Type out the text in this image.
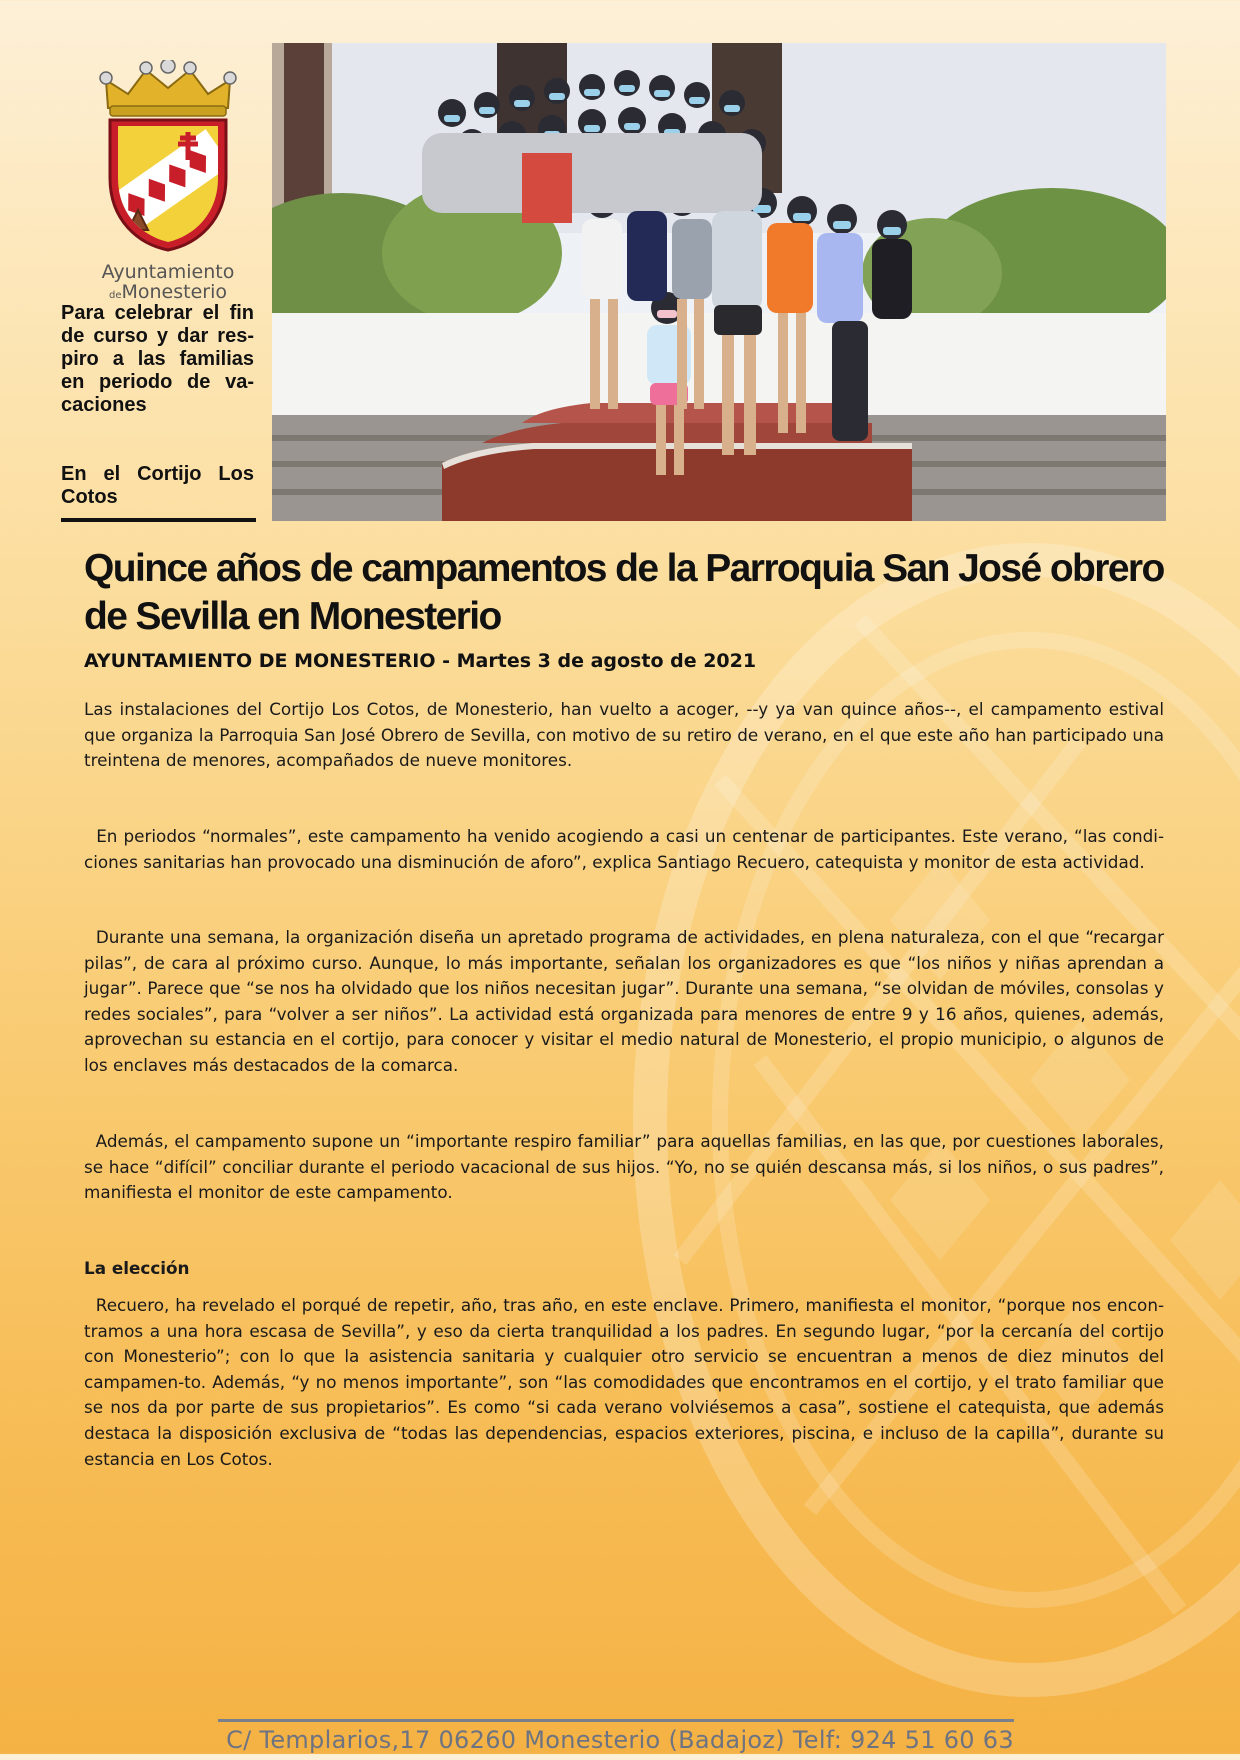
Ayuntamiento
deMonesterio
Para celebrar el fin de curso y dar res-piro a las familias en periodo de va-caciones
En el Cortijo Los Cotos
Quince años de campamentos de la Parroquia San José obrero de Sevilla en Monesterio
AYUNTAMIENTO DE MONESTERIO - Martes 3 de agosto de 2021

Las instalaciones del Cortijo Los Cotos, de Monesterio, han vuelto a acoger, --y ya van quince años--, el campamento estival que organiza la Parroquia San José Obrero de Sevilla, con motivo de su retiro de verano, en el que este año han participado una treintena de menores, acompañados de nueve monitores.

En periodos “normales”, este campamento ha venido acogiendo a casi un centenar de participantes. Este verano, “las condi-ciones sanitarias han provocado una disminución de aforo”, explica Santiago Recuero, catequista y monitor de esta actividad.

Durante una semana, la organización diseña un apretado programa de actividades, en plena naturaleza, con el que “recargar pilas”, de cara al próximo curso. Aunque, lo más importante, señalan los organizadores es que “los niños y niñas aprendan a jugar”. Parece que “se nos ha olvidado que los niños necesitan jugar”. Durante una semana, “se olvidan de móviles, consolas y redes sociales”, para “volver a ser niños”. La actividad está organizada para menores de entre 9 y 16 años, quienes, además, aprovechan su estancia en el cortijo, para conocer y visitar el medio natural de Monesterio, el propio municipio, o algunos de los enclaves más destacados de la comarca.

Además, el campamento supone un “importante respiro familiar” para aquellas familias, en las que, por cuestiones laborales, se hace “difícil” conciliar durante el periodo vacacional de sus hijos. “Yo, no se quién descansa más, si los niños, o sus padres”, manifiesta el monitor de este campamento.

La elección

Recuero, ha revelado el porqué de repetir, año, tras año, en este enclave. Primero, manifiesta el monitor, “porque nos encon-tramos a una hora escasa de Sevilla”, y eso da cierta tranquilidad a los padres. En segundo lugar, “por la cercanía del cortijo con Monesterio”; con lo que la asistencia sanitaria y cualquier otro servicio se encuentran a menos de diez minutos del campamen-to. Además, “y no menos importante”, son “las comodidades que encontramos en el cortijo, y el trato familiar que se nos da por parte de sus propietarios”. Es como “si cada verano volviésemos a casa”, sostiene el catequista, que además destaca la disposición exclusiva de “todas las dependencias, espacios exteriores, piscina, e incluso de la capilla”, durante su estancia en Los Cotos.

C/ Templarios,17 06260 Monesterio (Badajoz) Telf: 924 51 60 63
